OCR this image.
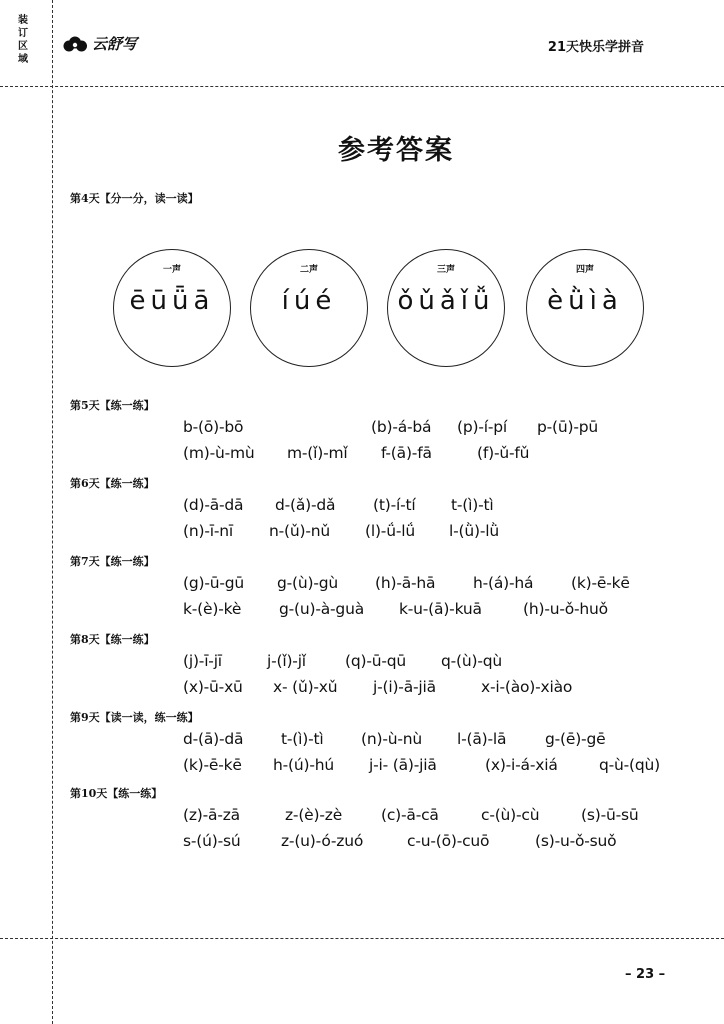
装订区域
云舒写	21天快乐学拼音
参考答案
第4天【分一分，读一读】
一声
ēūǖā
二声
íúé
三声
ǒǔǎǐǚ
四声
èǜìà
第5天【练一练】
b-(ō)-bō	(b)-á-bá	(p)-í-pí	p-(ū)-pū
(m)-ù-mù	m-(ǐ)-mǐ	f-(ā)-fā	(f)-ǔ-fǔ
第6天【练一练】
(d)-ā-dā	d-(ǎ)-dǎ	(t)-í-tí	t-(ì)-tì
(n)-ī-nī	n-(ǔ)-nǔ	(l)-ǘ-lǘ	l-(ǜ)-lǜ
第7天【练一练】
(g)-ū-gū	g-(ù)-gù	(h)-ā-hā	h-(á)-há	(k)-ē-kē
k-(è)-kè	g-(u)-à-guà	k-u-(ā)-kuā	(h)-u-ǒ-huǒ
第8天【练一练】
(j)-ī-jī	j-(ǐ)-jǐ	(q)-ū-qū	q-(ù)-qù
(x)-ū-xū	x- (ǔ)-xǔ	j-(i)-ā-jiā	x-i-(ào)-xiào
第9天【读一读，练一练】
d-(ā)-dā	t-(ì)-tì	(n)-ù-nù	l-(ā)-lā	g-(ē)-gē
(k)-ē-kē	h-(ú)-hú	j-i- (ā)-jiā	(x)-i-á-xiá	q-ù-(qù)
第10天【练一练】
(z)-ā-zā	z-(è)-zè	(c)-ā-cā	c-(ù)-cù	(s)-ū-sū
s-(ú)-sú	z-(u)-ó-zuó	c-u-(ō)-cuō	(s)-u-ǒ-suǒ
– 23 –
